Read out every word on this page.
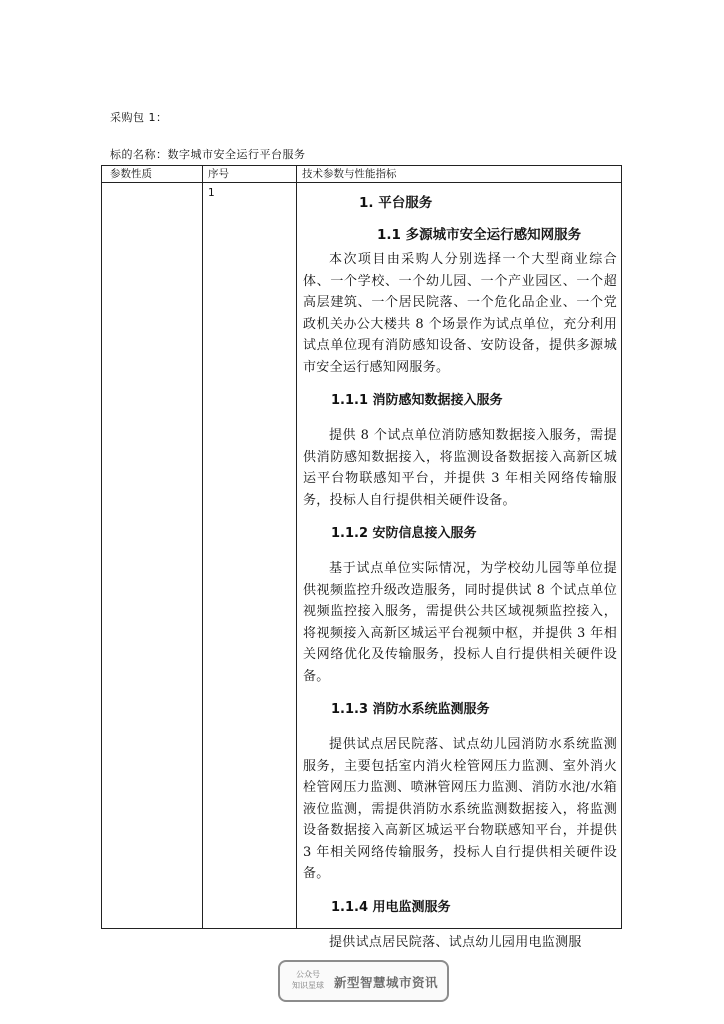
采购包 1：
标的名称：数字城市安全运行平台服务
参数性质	序号	技术参数与性能指标
1
1. 平台服务
1.1 多源城市安全运行感知网服务

本次项目由采购人分别选择一个大型商业综合体、一个学校、一个幼儿园、一个产业园区、一个超高层建筑、一个居民院落、一个危化品企业、一个党政机关办公大楼共 8 个场景作为试点单位，充分利用试点单位现有消防感知设备、安防设备，提供多源城市安全运行感知网服务。

1.1.1 消防感知数据接入服务

提供 8 个试点单位消防感知数据接入服务，需提供消防感知数据接入，将监测设备数据接入高新区城运平台物联感知平台，并提供 3 年相关网络传输服务，投标人自行提供相关硬件设备。

1.1.2 安防信息接入服务

基于试点单位实际情况，为学校幼儿园等单位提供视频监控升级改造服务，同时提供试 8 个试点单位视频监控接入服务，需提供公共区域视频监控接入，将视频接入高新区城运平台视频中枢，并提供 3 年相关网络优化及传输服务，投标人自行提供相关硬件设备。

1.1.3 消防水系统监测服务

提供试点居民院落、试点幼儿园消防水系统监测服务，主要包括室内消火栓管网压力监测、室外消火栓管网压力监测、喷淋管网压力监测、消防水池/水箱液位监测，需提供消防水系统监测数据接入，将监测设备数据接入高新区城运平台物联感知平台，并提供 3 年相关网络传输服务，投标人自行提供相关硬件设备。

1.1.4 用电监测服务

提供试点居民院落、试点幼儿园用电监测服

公众号
知识星球 新型智慧城市资讯
